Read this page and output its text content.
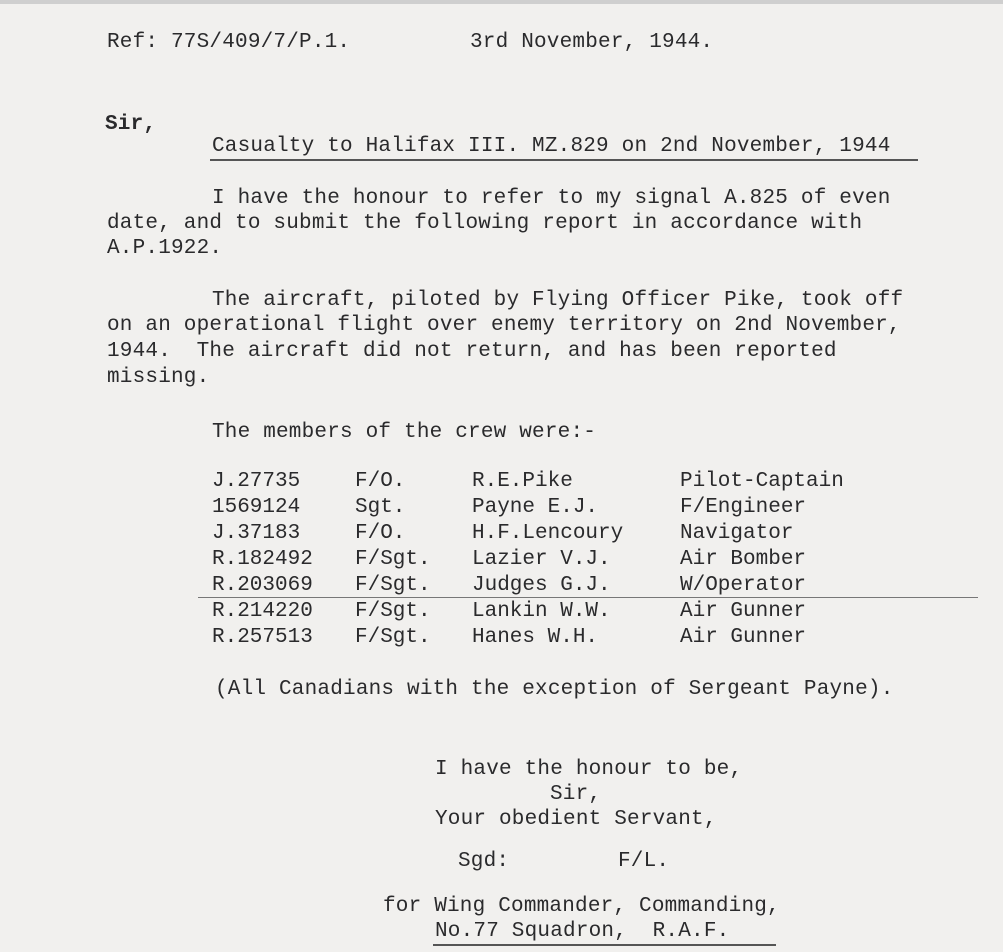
Ref: 77S/409/7/P.1.	3rd November, 1944.
Sir,
Casualty to Halifax III. MZ.829 on 2nd November, 1944
I have the honour to refer to my signal A.825 of even
date, and to submit the following report in accordance with
A.P.1922.
The aircraft, piloted by Flying Officer Pike, took off
on an operational flight over enemy territory on 2nd November,
1944.  The aircraft did not return, and has been reported
missing.
The members of the crew were:-
J.27735	F/O.	R.E.Pike	Pilot-Captain
1569124	Sgt.	Payne E.J.	F/Engineer
J.37183	F/O.	H.F.Lencoury	Navigator
R.182492 F/Sgt. Lazier V.J.	Air Bomber
R.203069 F/Sgt. Judges G.J.	W/Operator
R.214220 F/Sgt. Lankin W.W.	Air Gunner
R.257513 F/Sgt. Hanes W.H.	Air Gunner
(All Canadians with the exception of Sergeant Payne).
I have the honour to be,
Sir,
Your obedient Servant,
Sgd:	F/L.
for Wing Commander, Commanding,
No.77 Squadron,  R.A.F.
